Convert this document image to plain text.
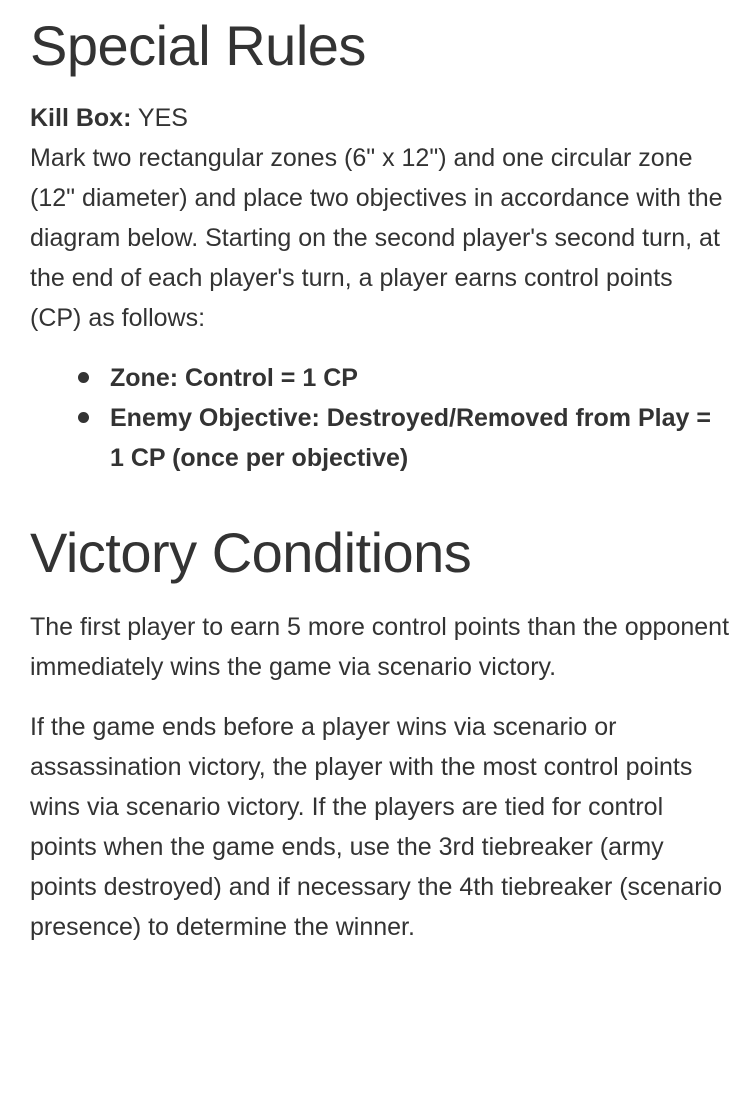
Special Rules

Kill Box: YES

Mark two rectangular zones (6" x 12") and one circular zone (12" diameter) and place two objectives in accordance with the diagram below. Starting on the second player's second turn, at the end of each player's turn, a player earns control points (CP) as follows:

Zone: Control = 1 CP
Enemy Objective: Destroyed/Removed from Play = 1 CP (once per objective)
Victory Conditions

The first player to earn 5 more control points than the opponent immediately wins the game via scenario victory.

If the game ends before a player wins via scenario or assassination victory, the player with the most control points wins via scenario victory. If the players are tied for control points when the game ends, use the 3rd tiebreaker (army points destroyed) and if necessary the 4th tiebreaker (scenario presence) to determine the winner.
